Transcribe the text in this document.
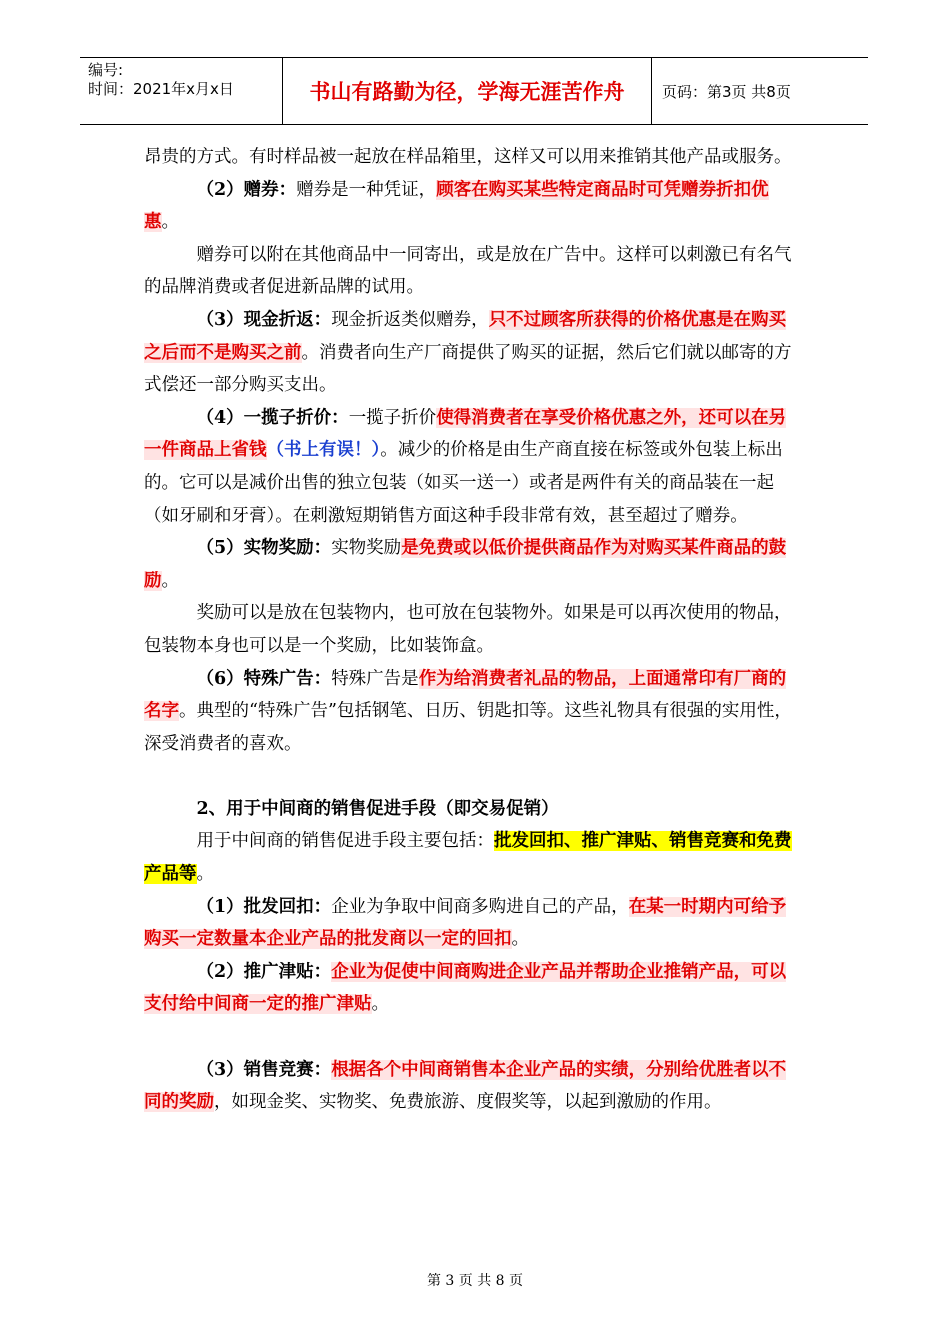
编号:
时间：2021年x月x日	书山有路勤为径，学海无涯苦作舟	页码：第3页 共8页

昂贵的方式。有时样品被一起放在样品箱里，这样又可以用来推销其他产品或服务。

（2）赠券：赠券是一种凭证，顾客在购买某些特定商品时可凭赠券折扣优惠。

赠券可以附在其他商品中一同寄出，或是放在广告中。这样可以刺激已有名气的品牌消费或者促进新品牌的试用。

（3）现金折返：现金折返类似赠券，只不过顾客所获得的价格优惠是在购买之后而不是购买之前。消费者向生产厂商提供了购买的证据，然后它们就以邮寄的方式偿还一部分购买支出。

（4）一揽子折价：一揽子折价使得消费者在享受价格优惠之外，还可以在另一件商品上省钱（书上有误！）。减少的价格是由生产商直接在标签或外包装上标出的。它可以是减价出售的独立包装（如买一送一）或者是两件有关的商品装在一起（如牙刷和牙膏）。在刺激短期销售方面这种手段非常有效，甚至超过了赠券。

（5）实物奖励：实物奖励是免费或以低价提供商品作为对购买某件商品的鼓励。

奖励可以是放在包装物内，也可放在包装物外。如果是可以再次使用的物品，包装物本身也可以是一个奖励，比如装饰盒。

（6）特殊广告：特殊广告是作为给消费者礼品的物品，上面通常印有厂商的名字。典型的“特殊广告”包括钢笔、日历、钥匙扣等。这些礼物具有很强的实用性，深受消费者的喜欢。

2、用于中间商的销售促进手段（即交易促销）

用于中间商的销售促进手段主要包括：批发回扣、推广津贴、销售竞赛和免费产品等。

（1）批发回扣：企业为争取中间商多购进自己的产品，在某一时期内可给予购买一定数量本企业产品的批发商以一定的回扣。

（2）推广津贴：企业为促使中间商购进企业产品并帮助企业推销产品，可以支付给中间商一定的推广津贴。

（3）销售竞赛：根据各个中间商销售本企业产品的实绩，分别给优胜者以不同的奖励，如现金奖、实物奖、免费旅游、度假奖等，以起到激励的作用。

第 3 页 共 8 页
